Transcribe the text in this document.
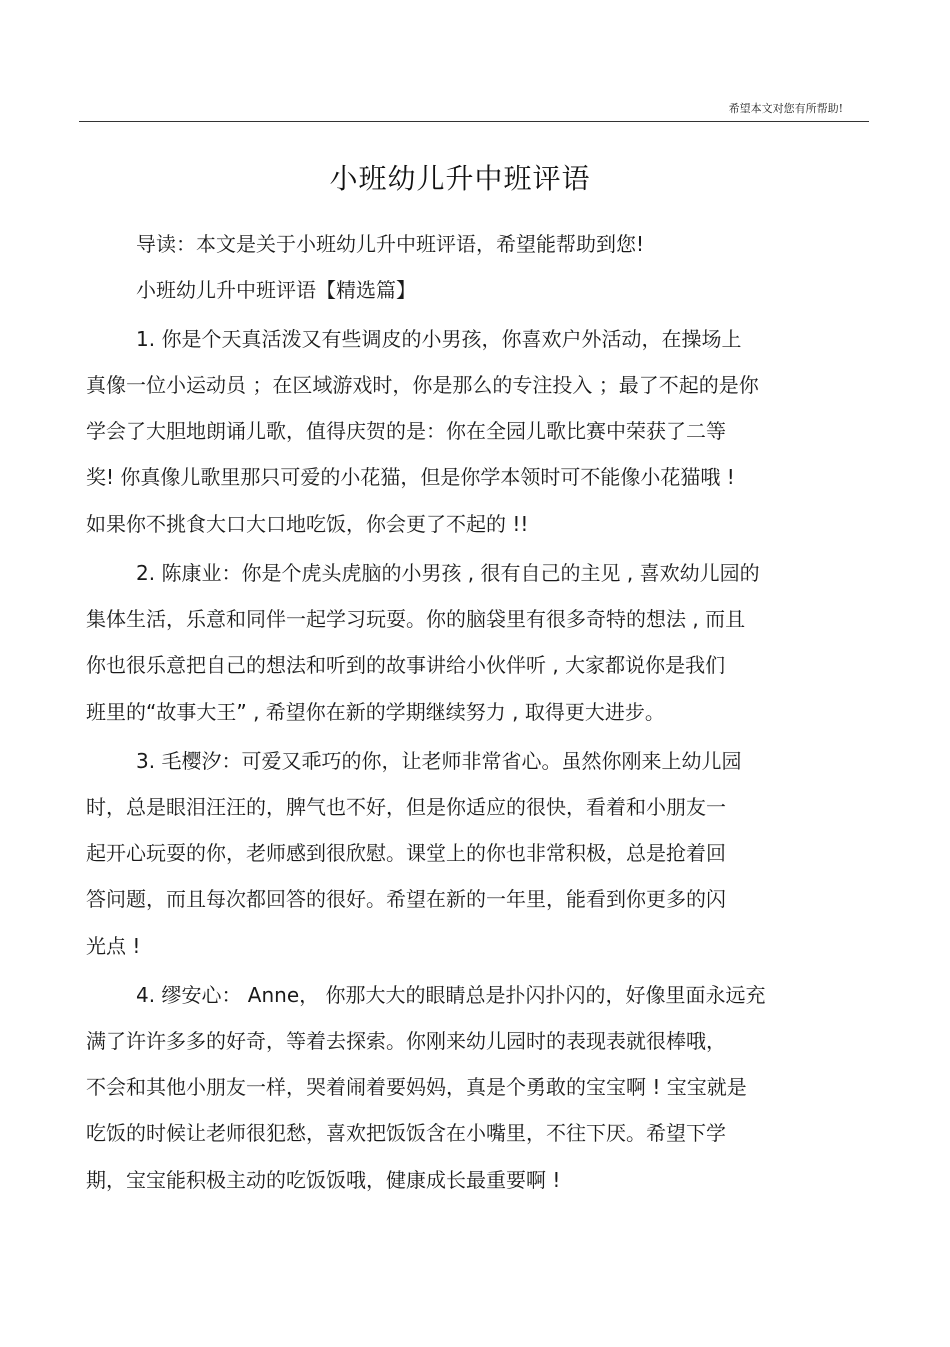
希望本文对您有所帮助!
小班幼儿升中班评语
导读：本文是关于小班幼儿升中班评语，希望能帮助到您!
小班幼儿升中班评语【精选篇】
1. 你是个天真活泼又有些调皮的小男孩，你喜欢户外活动，在操场上
真像一位小运动员 ；在区域游戏时，你是那么的专注投入 ；最了不起的是你
学会了大胆地朗诵儿歌，值得庆贺的是：你在全园儿歌比赛中荣获了二等
奖! 你真像儿歌里那只可爱的小花猫，但是你学本领时可不能像小花猫哦 !
如果你不挑食大口大口地吃饭，你会更了不起的 !!
2. 陈康业：你是个虎头虎脑的小男孩 , 很有自己的主见 , 喜欢幼儿园的
集体生活，乐意和同伴一起学习玩耍。你的脑袋里有很多奇特的想法 , 而且
你也很乐意把自己的想法和听到的故事讲给小伙伴听 , 大家都说你是我们
班里的“故事大王” , 希望你在新的学期继续努力 , 取得更大进步。
3. 毛樱汐：可爱又乖巧的你，让老师非常省心。虽然你刚来上幼儿园
时，总是眼泪汪汪的，脾气也不好，但是你适应的很快，看着和小朋友一
起开心玩耍的你，老师感到很欣慰。课堂上的你也非常积极，总是抢着回
答问题，而且每次都回答的很好。希望在新的一年里，能看到你更多的闪
光点 !
4. 缪安心： Anne， 你那大大的眼睛总是扑闪扑闪的，好像里面永远充
满了许许多多的好奇，等着去探索。你刚来幼儿园时的表现表就很棒哦，
不会和其他小朋友一样，哭着闹着要妈妈，真是个勇敢的宝宝啊 ! 宝宝就是
吃饭的时候让老师很犯愁，喜欢把饭饭含在小嘴里，不往下厌。希望下学
期，宝宝能积极主动的吃饭饭哦，健康成长最重要啊 !
